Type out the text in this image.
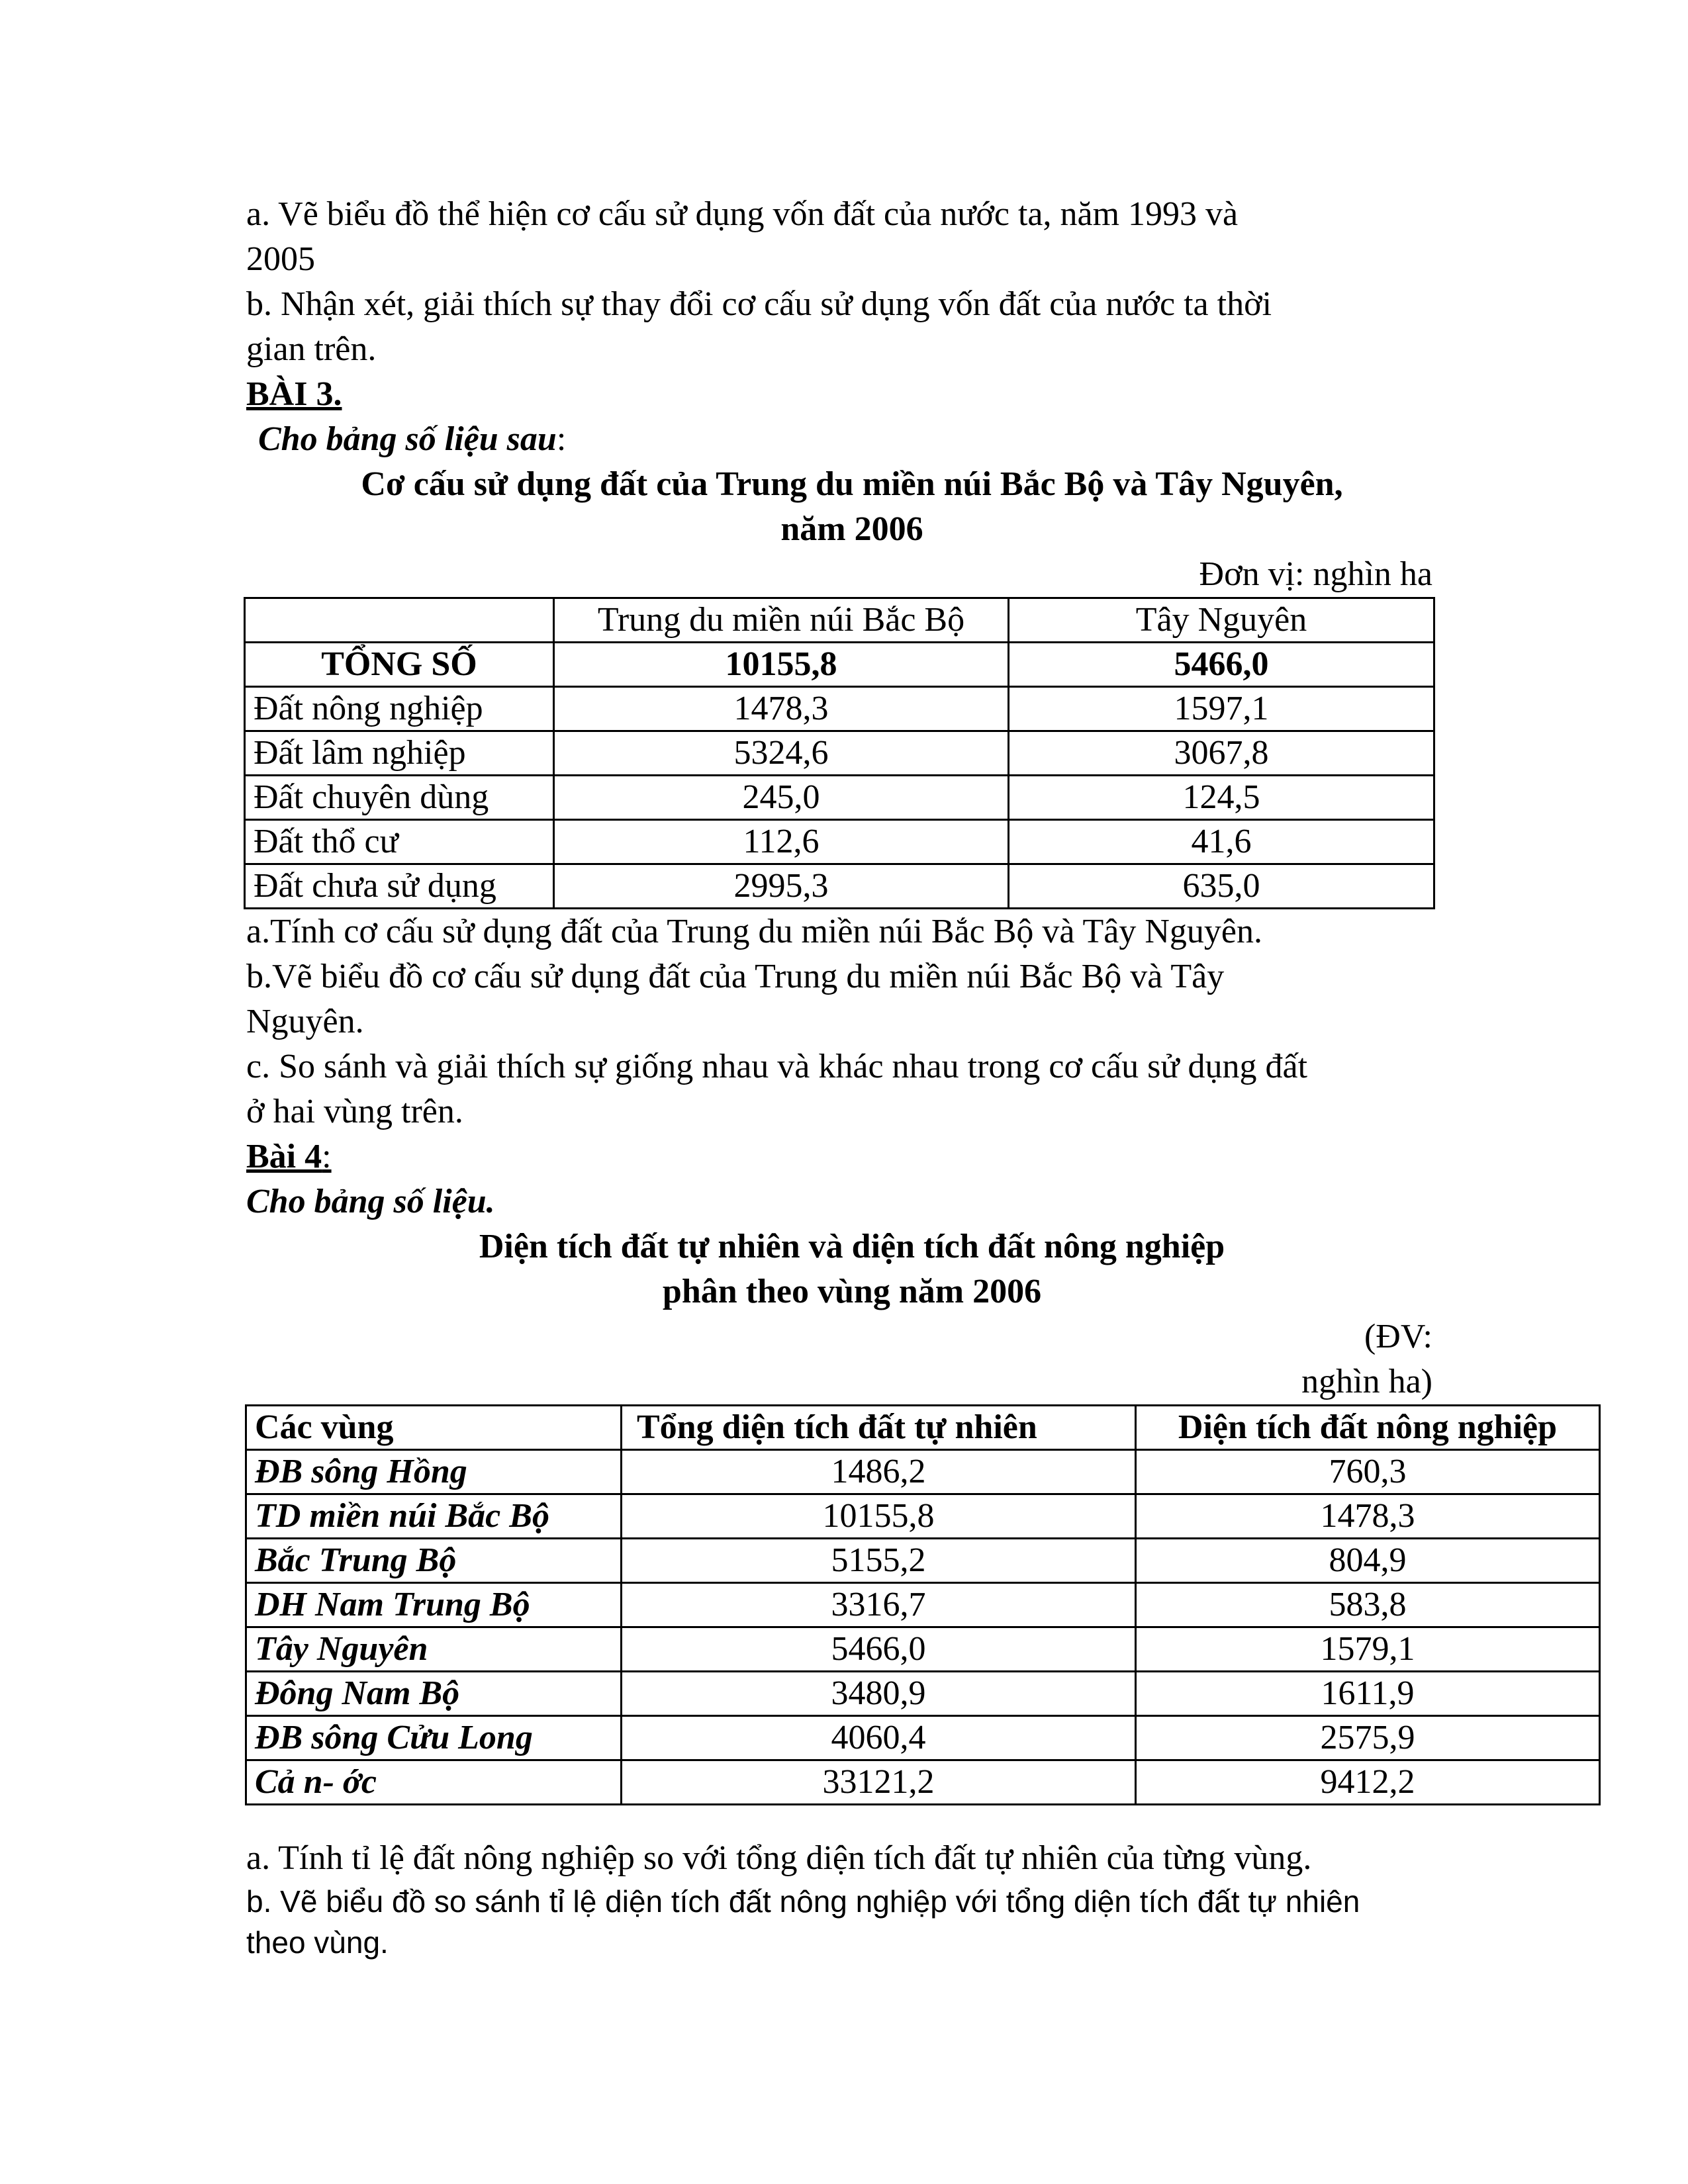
a. Vẽ biểu đồ thể hiện cơ cấu sử dụng vốn đất của nước ta, năm 1993 và
2005
b. Nhận xét, giải thích sự thay đổi cơ cấu sử dụng vốn đất của nước ta thời
gian trên.
BÀI 3.
Cho bảng số liệu sau:
Cơ cấu sử dụng đất của Trung du miền núi Bắc Bộ và Tây Nguyên,
năm 2006
Đơn vị: nghìn ha
	Trung du miền núi Bắc Bộ	Tây Nguyên
TỔNG SỐ	10155,8	5466,0
Đất nông nghiệp	1478,3	1597,1
Đất lâm nghiệp	5324,6	3067,8
Đất chuyên dùng	245,0	124,5
Đất thổ cư	112,6	41,6
Đất chưa sử dụng	2995,3	635,0
a.Tính cơ cấu sử dụng đất của Trung du miền núi Bắc Bộ và Tây Nguyên.
b.Vẽ biểu đồ cơ cấu sử dụng đất của Trung du miền núi Bắc Bộ và Tây
Nguyên.
c. So sánh và giải thích sự giống nhau và khác nhau trong cơ cấu sử dụng đất
ở hai vùng trên.
Bài 4:
Cho bảng số liệu.
Diện tích đất tự nhiên và diện tích đất nông nghiệp
phân theo vùng năm 2006
(ĐV:
nghìn ha)
Các vùng	Tổng diện tích đất tự nhiên	Diện tích đất nông nghiệp
ĐB sông Hồng	1486,2	760,3
TD miền núi Bắc Bộ	10155,8	1478,3
Bắc Trung Bộ	5155,2	804,9
DH Nam Trung Bộ	3316,7	583,8
Tây Nguyên	5466,0	1579,1
Đông Nam Bộ	3480,9	1611,9
ĐB sông Cửu Long	4060,4	2575,9
Cả n- ớc	33121,2	9412,2
a. Tính tỉ lệ đất nông nghiệp so với tổng diện tích đất tự nhiên của từng vùng.
b. Vẽ biểu đồ so sánh tỉ lệ diện tích đất nông nghiệp với tổng diện tích đất tự nhiên
theo vùng.
